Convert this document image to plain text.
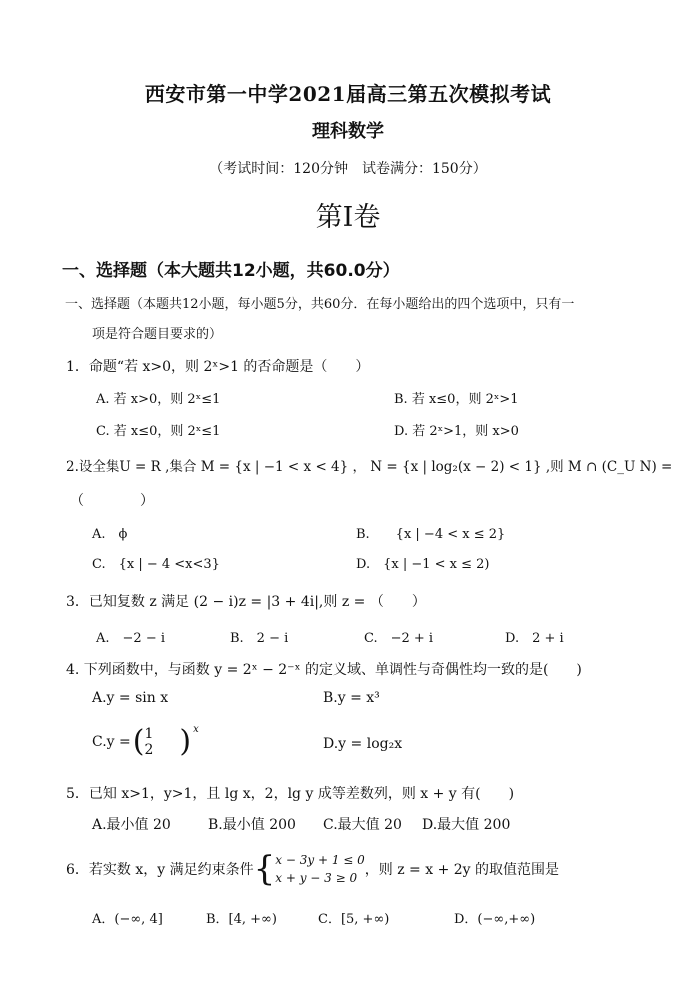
西安市第一中学2021届高三第五次模拟考试
理科数学
（考试时间：120分钟　试卷满分：150分）
第Ⅰ卷
一、选择题（本大题共12小题，共60.0分）
一、选择题（本题共12小题，每小题5分，共60分．在每小题给出的四个选项中，只有一
项是符合题目要求的）
1．命题“若 x>0，则 2ˣ>1 的否命题是（　　）
A. 若 x>0，则 2ˣ≤1	B. 若 x≤0，则 2ˣ>1
C. 若 x≤0，则 2ˣ≤1	D. 若 2ˣ>1，则 x>0
2.设全集U = R ,集合 M = {x | −1 < x < 4} ， N = {x | log₂(x − 2) < 1} ,则 M ∩ (C_U N) =
（　　　　）
A.　ϕ	B.　　{x | −4 < x ≤ 2}
C.　{x | − 4 <x<3}	D.　{x | −1 < x ≤ 2)
3．已知复数 z 满足 (2 − i)z = |3 + 4i|,则 z = （　　）
A.　−2 − i	B.　2 − i	C.　−2 + i	D.　2 + i
4. 下列函数中，与函数 y = 2ˣ − 2⁻ˣ 的定义域、单调性与奇偶性均一致的是(　　)
A.y = sin x	B.y = x³
C.y = ( 1
2 ) x
D.y = log₂x
5．已知 x>1，y>1，且 lg x，2，lg y 成等差数列，则 x + y 有(　　)
A.最小值 20	B.最小值 200 C.最大值 20 D.最大值 200
6．若实数 x，y 满足约束条件 { x − 3y + 1 ≤ 0
x + y − 3 ≥ 0 ，则 z = x + 2y 的取值范围是
A．(−∞, 4]	B．[4, +∞)	C．[5, +∞)	D．(−∞,+∞)
